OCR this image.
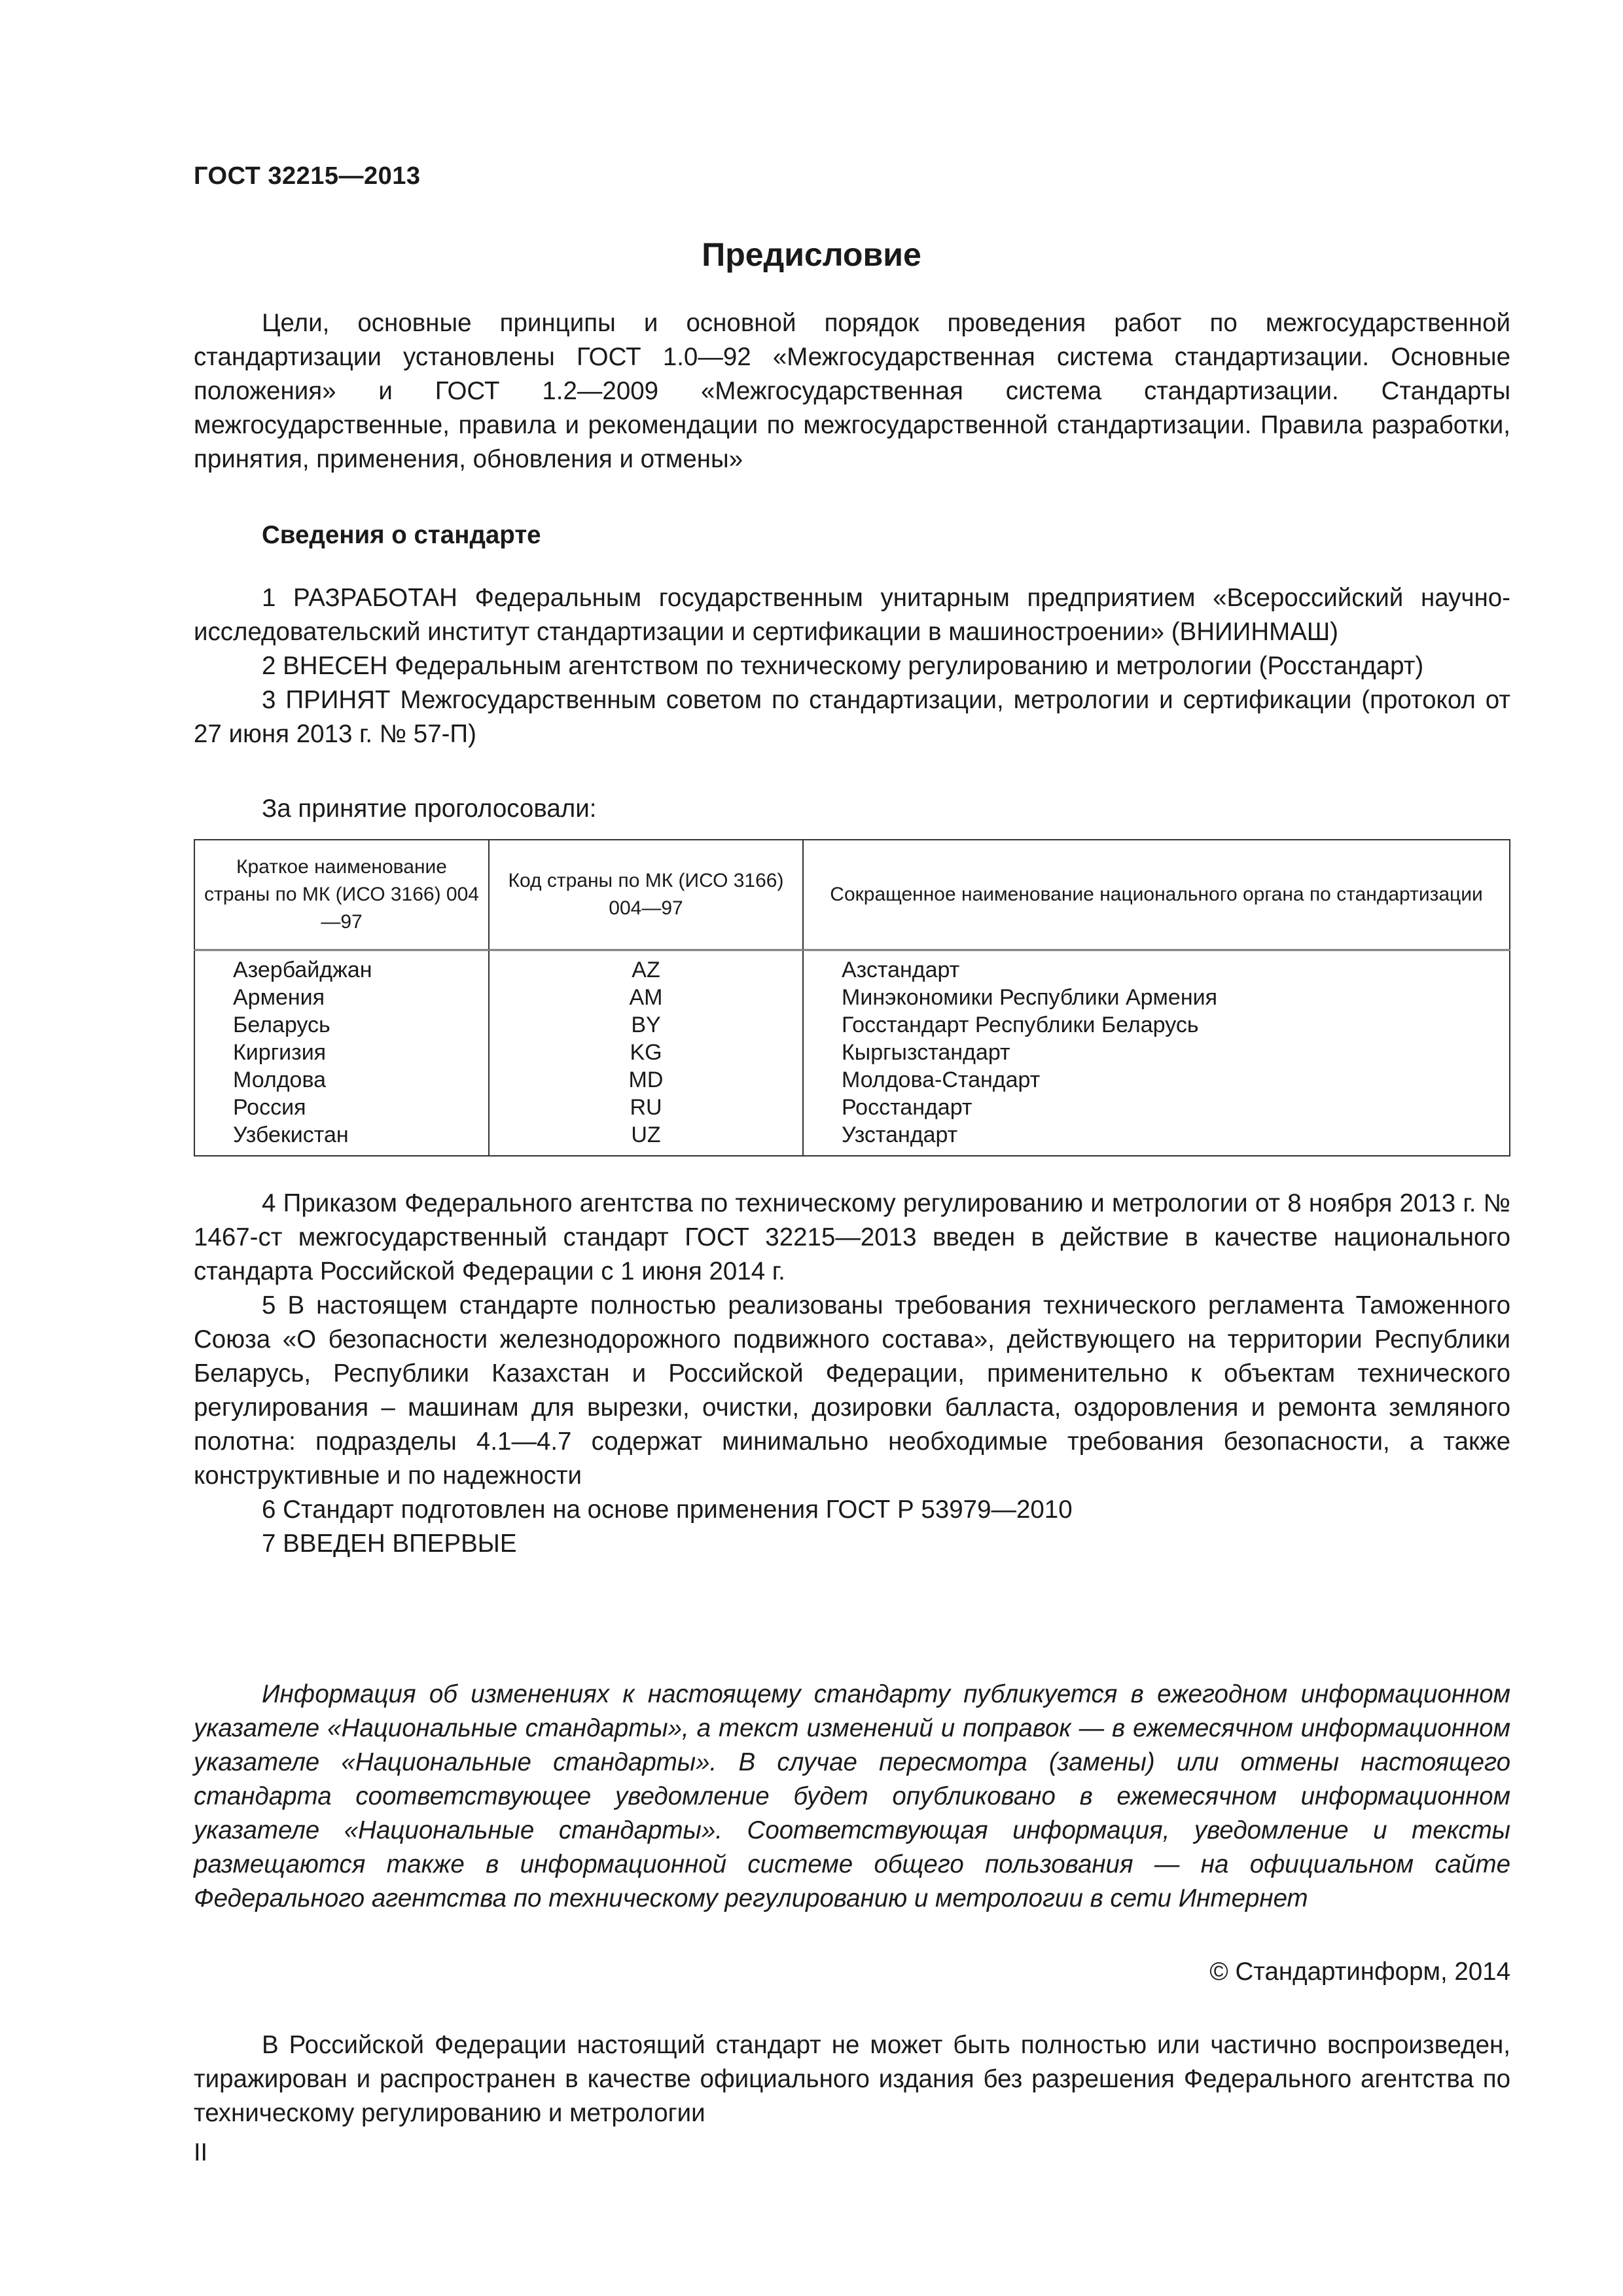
ГОСТ 32215—2013
Предисловие

Цели, основные принципы и основной порядок проведения работ по межгосударственной стандартизации установлены ГОСТ 1.0—92 «Межгосударственная система стандартизации. Основные положения» и ГОСТ 1.2—2009 «Межгосударственная система стандартизации. Стандарты межгосударственные, правила и рекомендации по межгосударственной стандартизации. Правила разработки, принятия, применения, обновления и отмены»

Сведения о стандарте

1 РАЗРАБОТАН Федеральным государственным унитарным предприятием «Всероссийский научно-исследовательский институт стандартизации и сертификации в машиностроении» (ВНИИНМАШ)

2 ВНЕСЕН Федеральным агентством по техническому регулированию и метрологии (Росстандарт)

3 ПРИНЯТ Межгосударственным советом по стандартизации, метрологии и сертификации (протокол от 27 июня 2013 г. № 57-П)

За принятие проголосовали:

Краткое наименование страны по МК (ИСО 3166) 004—97	Код страны по МК (ИСО 3166) 004—97	Сокращенное наименование национального органа по стандартизации
Азербайджан	AZ	Азстандарт
Армения	AM	Минэкономики Республики Армения
Беларусь	BY	Госстандарт Республики Беларусь
Киргизия	KG	Кыргызстандарт
Молдова	MD	Молдова-Стандарт
Россия	RU	Росстандарт
Узбекистан	UZ	Узстандарт

4 Приказом Федерального агентства по техническому регулированию и метрологии от 8 ноября 2013 г. № 1467-ст межгосударственный стандарт ГОСТ 32215—2013 введен в действие в качестве национального стандарта Российской Федерации с 1 июня 2014 г.

5 В настоящем стандарте полностью реализованы требования технического регламента Таможенного Союза «О безопасности железнодорожного подвижного состава», действующего на территории Республики Беларусь, Республики Казахстан и Российской Федерации, применительно к объектам технического регулирования – машинам для вырезки, очистки, дозировки балласта, оздоровления и ремонта земляного полотна: подразделы 4.1—4.7 содержат минимально необходимые требования безопасности, а также конструктивные и по надежности

6 Стандарт подготовлен на основе применения ГОСТ Р 53979—2010

7 ВВЕДЕН ВПЕРВЫЕ

Информация об изменениях к настоящему стандарту публикуется в ежегодном информационном указателе «Национальные стандарты», а текст изменений и поправок — в ежемесячном информационном указателе «Национальные стандарты». В случае пересмотра (замены) или отмены настоящего стандарта соответствующее уведомление будет опубликовано в ежемесячном информационном указателе «Национальные стандарты». Соответствующая информация, уведомление и тексты размещаются также в информационной системе общего пользования — на официальном сайте Федерального агентства по техническому регулированию и метрологии в сети Интернет

© Стандартинформ, 2014

В Российской Федерации настоящий стандарт не может быть полностью или частично воспроизведен, тиражирован и распространен в качестве официального издания без разрешения Федерального агентства по техническому регулированию и метрологии

II
